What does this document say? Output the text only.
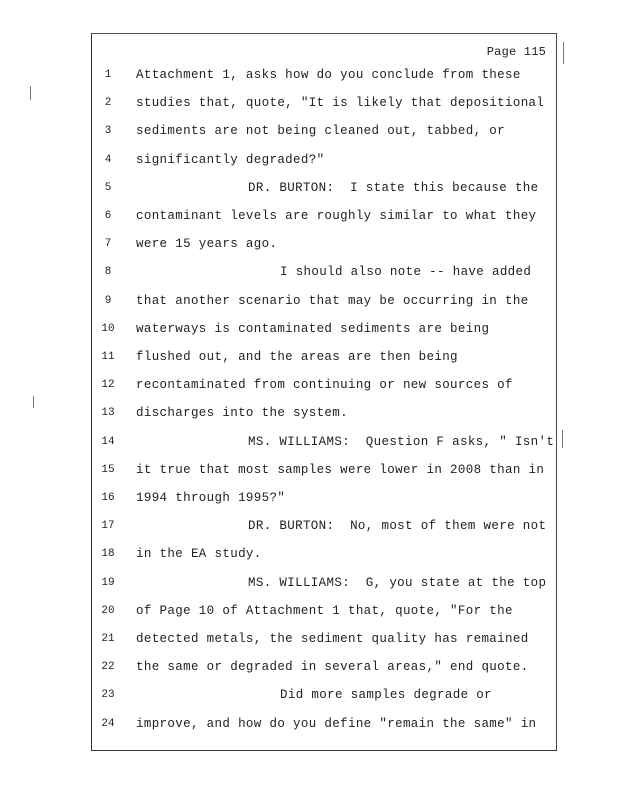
Page 115
1	Attachment 1, asks how do you conclude from these
2	studies that, quote, "It is likely that depositional
3	sediments are not being cleaned out, tabbed, or
4	significantly degraded?"
5	DR. BURTON:  I state this because the
6	contaminant levels are roughly similar to what they
7	were 15 years ago.
8	I should also note -- have added
9	that another scenario that may be occurring in the
10 waterways is contaminated sediments are being
11 flushed out, and the areas are then being
12 recontaminated from continuing or new sources of
13 discharges into the system.
14	MS. WILLIAMS:  Question F asks, " Isn't
15 it true that most samples were lower in 2008 than in
16 1994 through 1995?"
17	DR. BURTON:  No, most of them were not
18 in the EA study.
19	MS. WILLIAMS:  G, you state at the top
20 of Page 10 of Attachment 1 that, quote, "For the
21 detected metals, the sediment quality has remained
22 the same or degraded in several areas," end quote.
23	Did more samples degrade or
24 improve, and how do you define "remain the same" in
